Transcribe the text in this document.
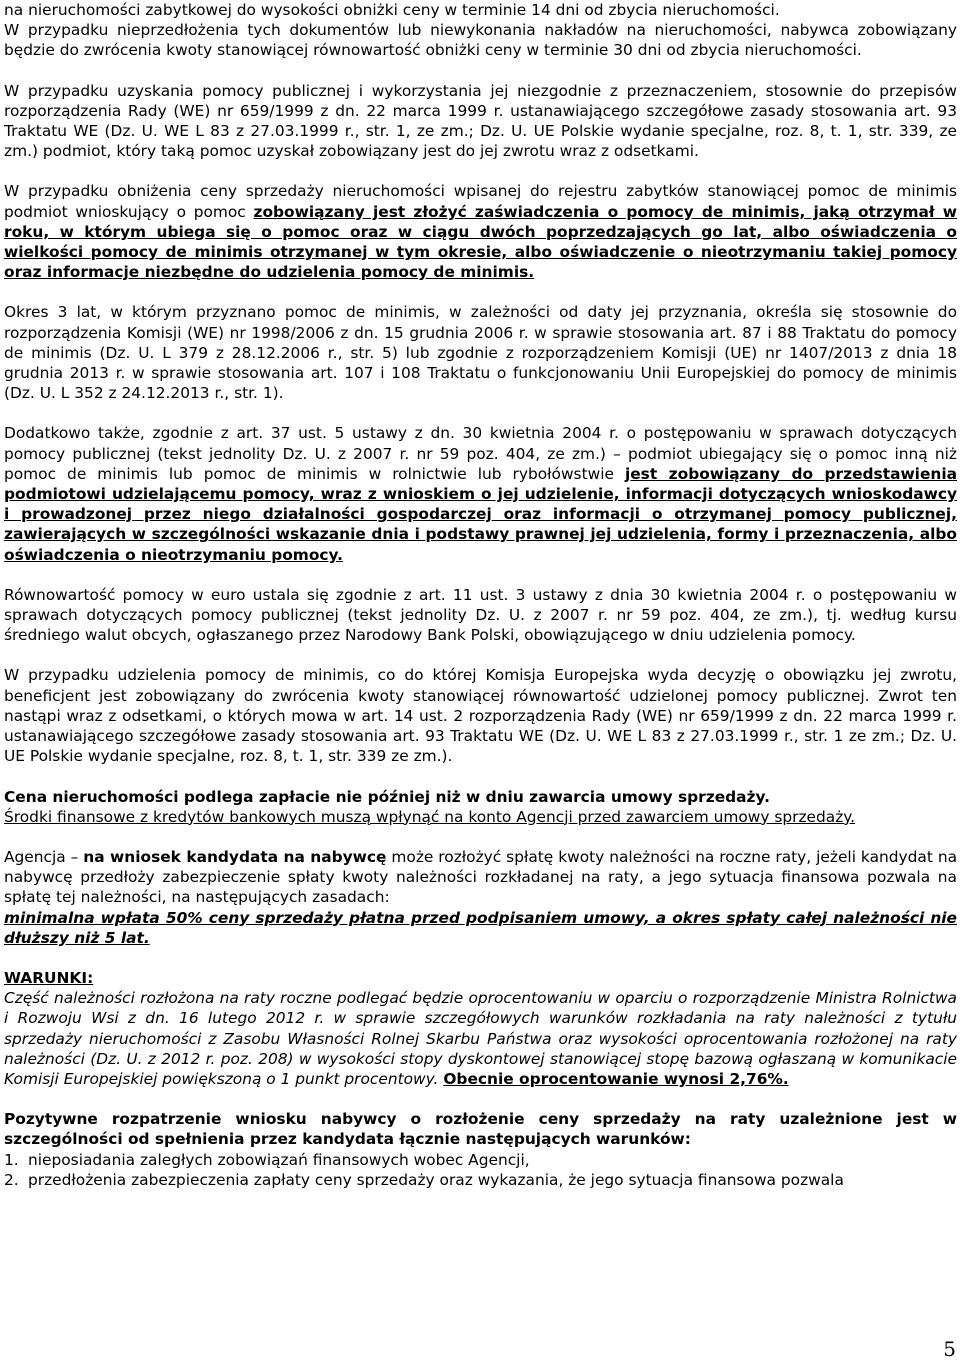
na nieruchomości zabytkowej do wysokości obniżki ceny w terminie 14 dni od zbycia nieruchomości.

W przypadku nieprzedłożenia tych dokumentów lub niewykonania nakładów na nieruchomości, nabywca zobowiązany będzie do zwrócenia kwoty stanowiącej równowartość obniżki ceny w terminie 30 dni od zbycia nieruchomości.

W przypadku uzyskania pomocy publicznej i wykorzystania jej niezgodnie z przeznaczeniem, stosownie do przepisów rozporządzenia Rady (WE) nr 659/1999 z dn. 22 marca 1999 r. ustanawiającego szczegółowe zasady stosowania art. 93 Traktatu WE (Dz. U. WE L 83 z 27.03.1999 r., str. 1, ze zm.; Dz. U. UE Polskie wydanie specjalne, roz. 8, t. 1, str. 339, ze zm.) podmiot, który taką pomoc uzyskał zobowiązany jest do jej zwrotu wraz z odsetkami.

W przypadku obniżenia ceny sprzedaży nieruchomości wpisanej do rejestru zabytków stanowiącej pomoc de minimis podmiot wnioskujący o pomoc zobowiązany jest złożyć zaświadczenia o pomocy de minimis, jaką otrzymał w roku, w którym ubiega się o pomoc oraz w ciągu dwóch poprzedzających go lat, albo oświadczenia o wielkości pomocy de minimis otrzymanej w tym okresie, albo oświadczenie o nieotrzymaniu takiej pomocy oraz informacje niezbędne do udzielenia pomocy de minimis.

Okres 3 lat, w którym przyznano pomoc de minimis, w zależności od daty jej przyznania, określa się stosownie do rozporządzenia Komisji (WE) nr 1998/2006 z dn. 15 grudnia 2006 r. w sprawie stosowania art. 87 i 88 Traktatu do pomocy de minimis (Dz. U. L 379 z 28.12.2006 r., str. 5) lub zgodnie z rozporządzeniem Komisji (UE) nr 1407/2013 z dnia 18 grudnia 2013 r. w sprawie stosowania art. 107 i 108 Traktatu o funkcjonowaniu Unii Europejskiej do pomocy de minimis (Dz. U. L 352 z 24.12.2013 r., str. 1).

Dodatkowo także, zgodnie z art. 37 ust. 5 ustawy z dn. 30 kwietnia 2004 r. o postępowaniu w sprawach dotyczących pomocy publicznej (tekst jednolity Dz. U. z 2007 r. nr 59 poz. 404, ze zm.) – podmiot ubiegający się o pomoc inną niż pomoc de minimis lub pomoc de minimis w rolnictwie lub rybołówstwie jest zobowiązany do przedstawienia podmiotowi udzielającemu pomocy, wraz z wnioskiem o jej udzielenie, informacji dotyczących wnioskodawcy i prowadzonej przez niego działalności gospodarczej oraz informacji o otrzymanej pomocy publicznej, zawierających w szczególności wskazanie dnia i podstawy prawnej jej udzielenia, formy i przeznaczenia, albo oświadczenia o nieotrzymaniu pomocy.

Równowartość pomocy w euro ustala się zgodnie z art. 11 ust. 3 ustawy z dnia 30 kwietnia 2004 r. o postępowaniu w sprawach dotyczących pomocy publicznej (tekst jednolity Dz. U. z 2007 r. nr 59 poz. 404, ze zm.), tj. według kursu średniego walut obcych, ogłaszanego przez Narodowy Bank Polski, obowiązującego w dniu udzielenia pomocy.

W przypadku udzielenia pomocy de minimis, co do której Komisja Europejska wyda decyzję o obowiązku jej zwrotu, beneficjent jest zobowiązany do zwrócenia kwoty stanowiącej równowartość udzielonej pomocy publicznej. Zwrot ten nastąpi wraz z odsetkami, o których mowa w art. 14 ust. 2 rozporządzenia Rady (WE) nr 659/1999 z dn. 22 marca 1999 r. ustanawiającego szczegółowe zasady stosowania art. 93 Traktatu WE (Dz. U. WE L 83 z 27.03.1999 r., str. 1 ze zm.; Dz. U. UE Polskie wydanie specjalne, roz. 8, t. 1, str. 339 ze zm.).

Cena nieruchomości podlega zapłacie nie później niż w dniu zawarcia umowy sprzedaży.

Środki finansowe z kredytów bankowych muszą wpłynąć na konto Agencji przed zawarciem umowy sprzedaży.

Agencja – na wniosek kandydata na nabywcę może rozłożyć spłatę kwoty należności na roczne raty, jeżeli kandydat na nabywcę przedłoży zabezpieczenie spłaty kwoty należności rozkładanej na raty, a jego sytuacja finansowa pozwala na spłatę tej należności, na następujących zasadach:

minimalna wpłata 50% ceny sprzedaży płatna przed podpisaniem umowy, a okres spłaty całej należności nie dłuższy niż 5 lat.

WARUNKI:

Część należności rozłożona na raty roczne podlegać będzie oprocentowaniu w oparciu o rozporządzenie Ministra Rolnictwa i Rozwoju Wsi z dn. 16 lutego 2012 r. w sprawie szczegółowych warunków rozkładania na raty należności z tytułu sprzedaży nieruchomości z Zasobu Własności Rolnej Skarbu Państwa oraz wysokości oprocentowania rozłożonej na raty należności (Dz. U. z 2012 r. poz. 208) w wysokości stopy dyskontowej stanowiącej stopę bazową ogłaszaną w komunikacie Komisji Europejskiej powiększoną o 1 punkt procentowy. Obecnie oprocentowanie wynosi 2,76%.

Pozytywne rozpatrzenie wniosku nabywcy o rozłożenie ceny sprzedaży na raty uzależnione jest w szczególności od spełnienia przez kandydata łącznie następujących warunków:

1. nieposiadania zaległych zobowiązań finansowych wobec Agencji,
2. przedłożenia zabezpieczenia zapłaty ceny sprzedaży oraz wykazania, że jego sytuacja finansowa pozwala
5
